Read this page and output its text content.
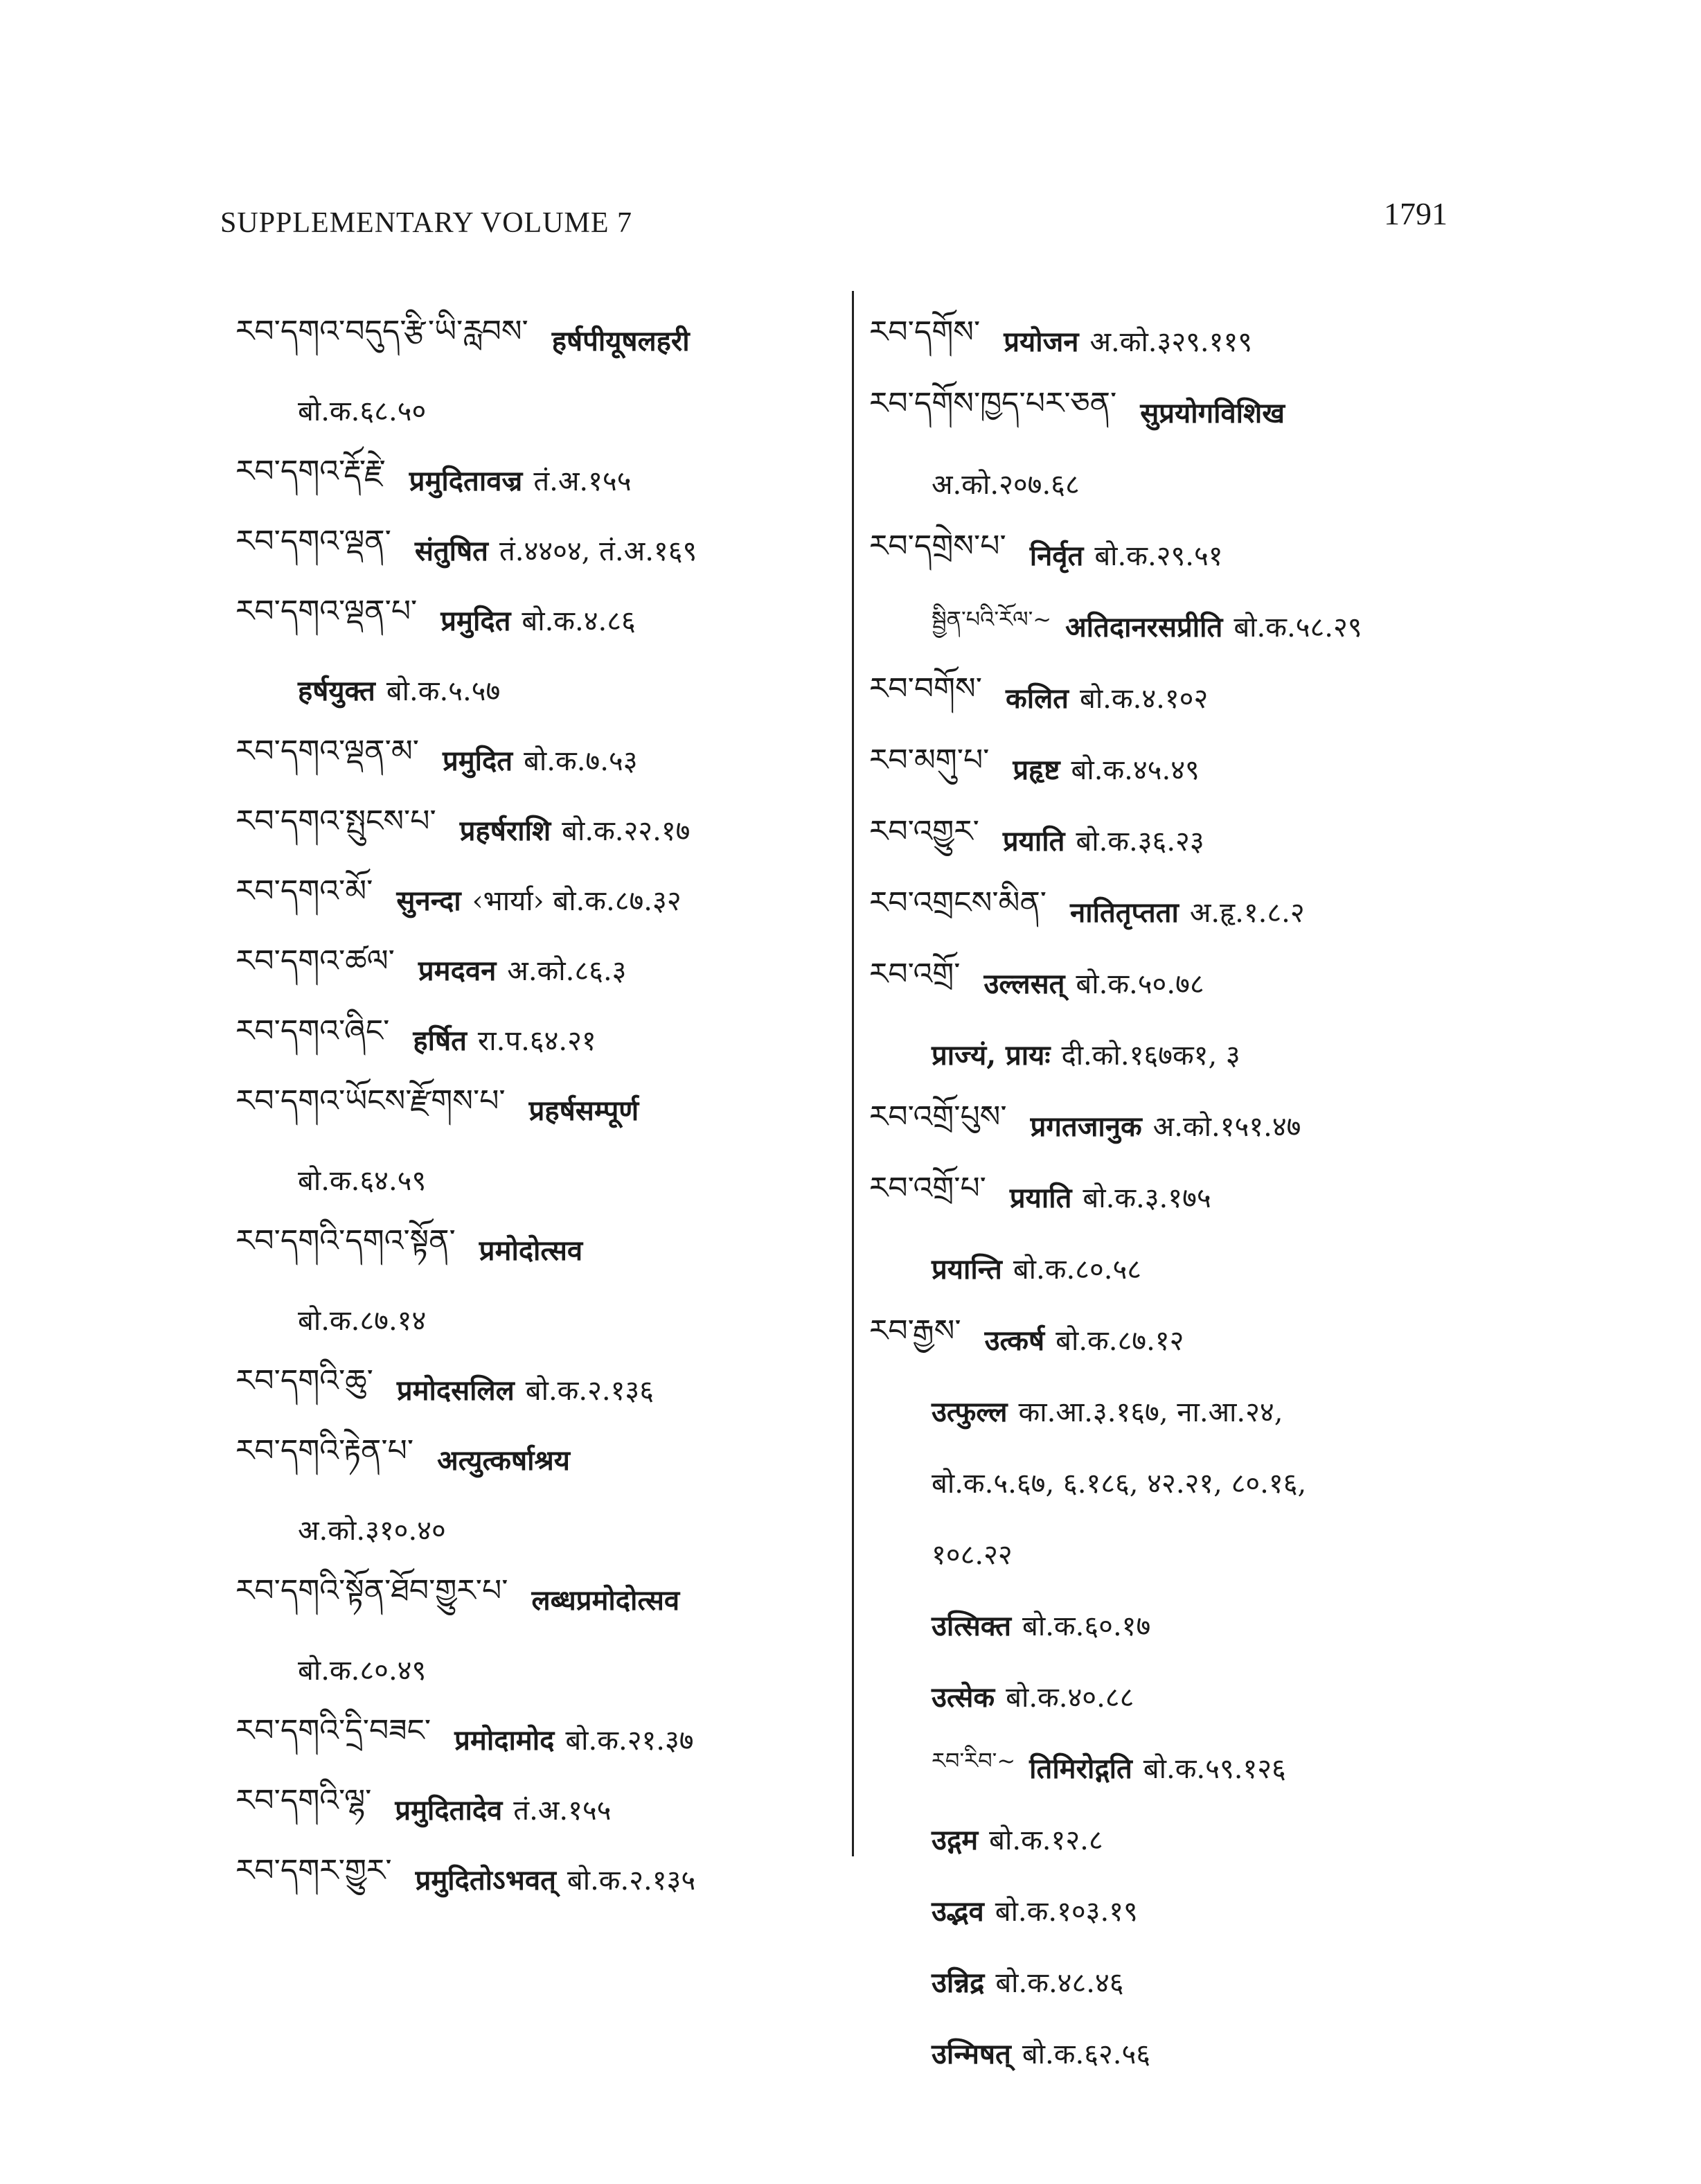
SUPPLEMENTARY VOLUME 7	1791
རབ་དགའ་བདུད་རྩི་ཡི་རླབས་ हर्षपीयूषलहरी
बो.क.६८.५०
རབ་དགའ་རྡོ་རྗེ་ प्रमुदितावज्र तं.अ.१५५
རབ་དགའ་ལྡན་ संतुषित तं.४४०४, तं.अ.१६९
རབ་དགའ་ལྡན་པ་ प्रमुदित बो.क.४.८६
हर्षयुक्त बो.क.५.५७
རབ་དགའ་ལྡན་མ་ प्रमुदित बो.क.७.५३
རབ་དགའ་སྤུངས་པ་ प्रहर्षराशि बो.क.२२.१७
རབ་དགའ་མོ་ सुनन्दा ‹भार्या› बो.क.८७.३२
རབ་དགའ་ཚལ་ प्रमदवन अ.को.८६.३
རབ་དགའ་ཞིང་ हर्षित रा.प.६४.२१
རབ་དགའ་ཡོངས་རྫོགས་པ་ प्रहर्षसम्पूर्ण
बो.क.६४.५९
རབ་དགའི་དགའ་སྟོན་ प्रमोदोत्सव
बो.क.८७.१४
རབ་དགའི་ཆུ་ प्रमोदसलिल बो.क.२.१३६
རབ་དགའི་རྟེན་པ་ अत्युत्कर्षाश्रय
अ.को.३१०.४०
རབ་དགའི་སྟོན་ཐོབ་གྱུར་པ་ लब्धप्रमोदोत्सव
बो.क.८०.४९
རབ་དགའི་དྲི་བཟང་ प्रमोदामोद बो.क.२१.३७
རབ་དགའི་ལྷ་ प्रमुदितादेव तं.अ.१५५
རབ་དགར་གྱུར་ प्रमुदितोऽभवत् बो.क.२.१३५
རབ་དགོས་ प्रयोजन अ.को.३२९.११९
རབ་དགོས་ཁྱད་པར་ཅན་ सुप्रयोगविशिख
अ.को.२०७.६८
རབ་དགྲེས་པ་ निर्वृत बो.क.२९.५१
སྦྱིན་པའི་རོལ་~ अतिदानरसप्रीति बो.क.५८.२९
རབ་བགོས་ कलित बो.क.४.१०२
རབ་མགུ་པ་ प्रहृष्ट बो.क.४५.४९
རབ་འགྱུར་ प्रयाति बो.क.३६.२३
རབ་འགྲངས་མིན་ नातितृप्तता अ.हृ.१.८.२
རབ་འགྲོ་ उल्लसत् बो.क.५०.७८
प्राज्यं, प्रायः दी.को.१६७क१, ३
རབ་འགྲོ་པུས་ प्रगतजानुक अ.को.१५१.४७
རབ་འགྲོ་པ་ प्रयाति बो.क.३.१७५
प्रयान्ति बो.क.८०.५८
རབ་རྒྱས་ उत्कर्ष बो.क.८७.१२
उत्फुल्ल का.आ.३.१६७, ना.आ.२४,
बो.क.५.६७, ६.१८६, ४२.२१, ८०.१६,
१०८.२२
उत्सिक्त बो.क.६०.१७
उत्सेक बो.क.४०.८८
རབ་རིབ་~ तिमिरोद्गति बो.क.५९.१२६
उद्गम बो.क.१२.८
उद्भव बो.क.१०३.१९
उन्निद्र बो.क.४८.४६
उन्मिषत् बो.क.६२.५६
